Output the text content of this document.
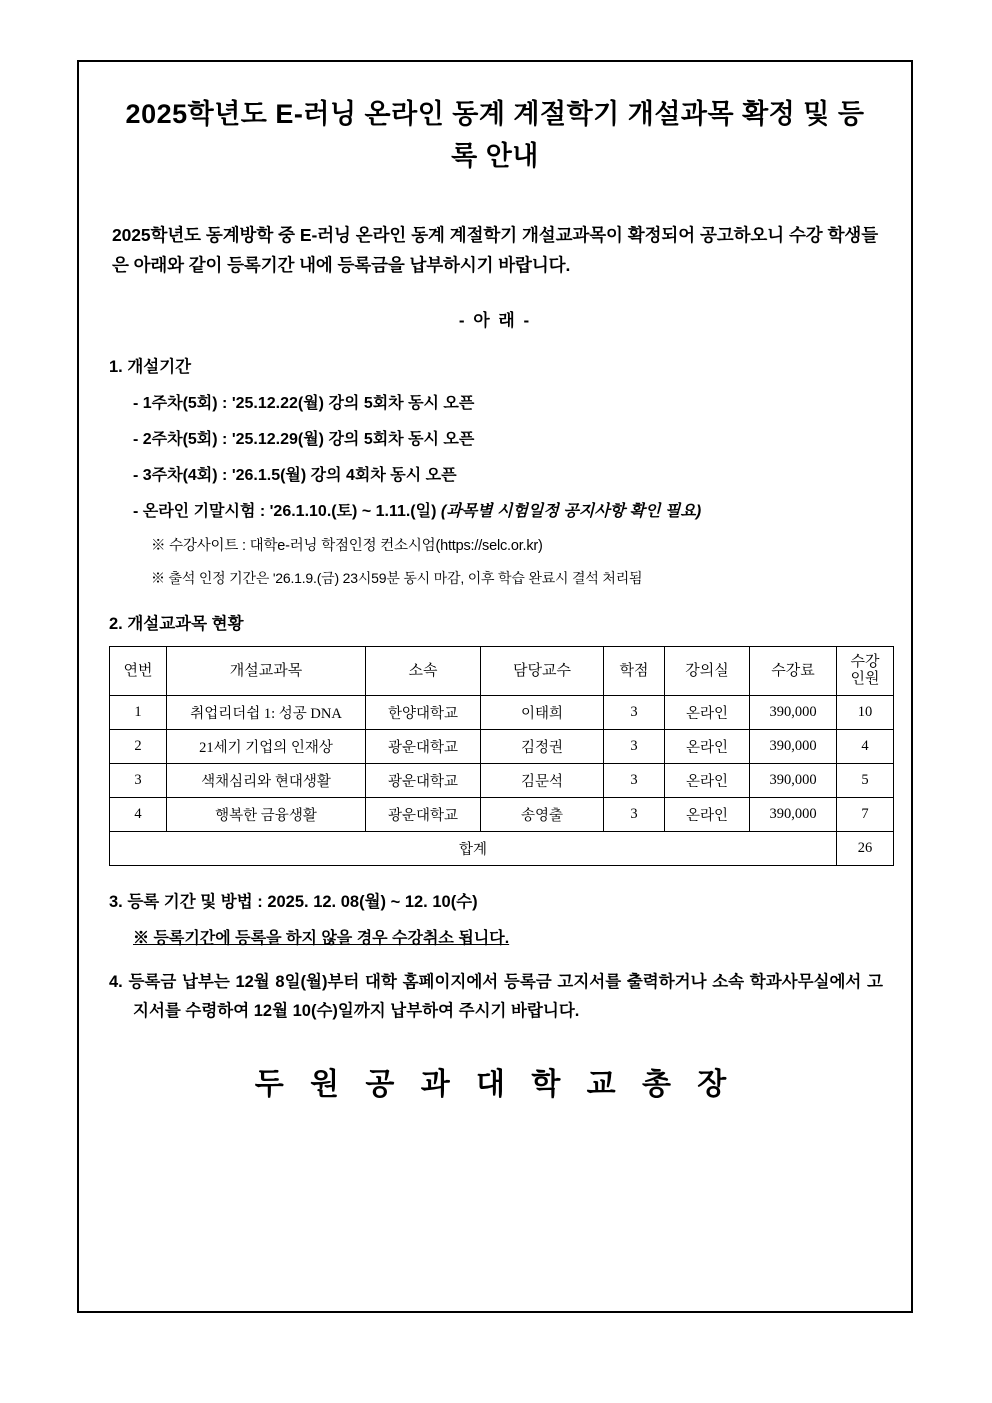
2025학년도 E-러닝 온라인 동계 계절학기 개설과목 확정 및 등록 안내
2025학년도 동계방학 중 E-러닝 온라인 동계 계절학기 개설교과목이 확정되어 공고하오니 수강 학생들은 아래와 같이 등록기간 내에 등록금을 납부하시기 바랍니다.
- 아 래 -
1. 개설기간
- 1주차(5회) : '25.12.22(월) 강의 5회차 동시 오픈
- 2주차(5회) : '25.12.29(월) 강의 5회차 동시 오픈
- 3주차(4회) : '26.1.5(월) 강의 4회차 동시 오픈
- 온라인 기말시험 : '26.1.10.(토) ~ 1.11.(일) (과목별 시험일정 공지사항 확인 필요)
※ 수강사이트 : 대학e-러닝 학점인정 컨소시엄(https://selc.or.kr)
※ 출석 인정 기간은 '26.1.9.(금) 23시59분 동시 마감, 이후 학습 완료시 결석 처리됨
2. 개설교과목 현황
연번	개설교과목	소속	담당교수	학점	강의실	수강료	수강
인원
1	취업리더쉽 1: 성공 DNA	한양대학교	이태희	3	온라인	390,000	10
2	21세기 기업의 인재상	광운대학교	김정권	3	온라인	390,000	4
3	색채심리와 현대생활	광운대학교	김문석	3	온라인	390,000	5
4	행복한 금융생활	광운대학교	송영출	3	온라인	390,000	7
합계							26
3. 등록 기간 및 방법 : 2025. 12. 08(월) ~ 12. 10(수)
※ 등록기간에 등록을 하지 않을 경우 수강취소 됩니다.
4. 등록금 납부는 12월 8일(월)부터 대학 홈페이지에서 등록금 고지서를 출력하거나 소속 학과사무실에서 고지서를 수령하여 12월 10(수)일까지 납부하여 주시기 바랍니다.
두 원 공 과 대 학 교 총 장
